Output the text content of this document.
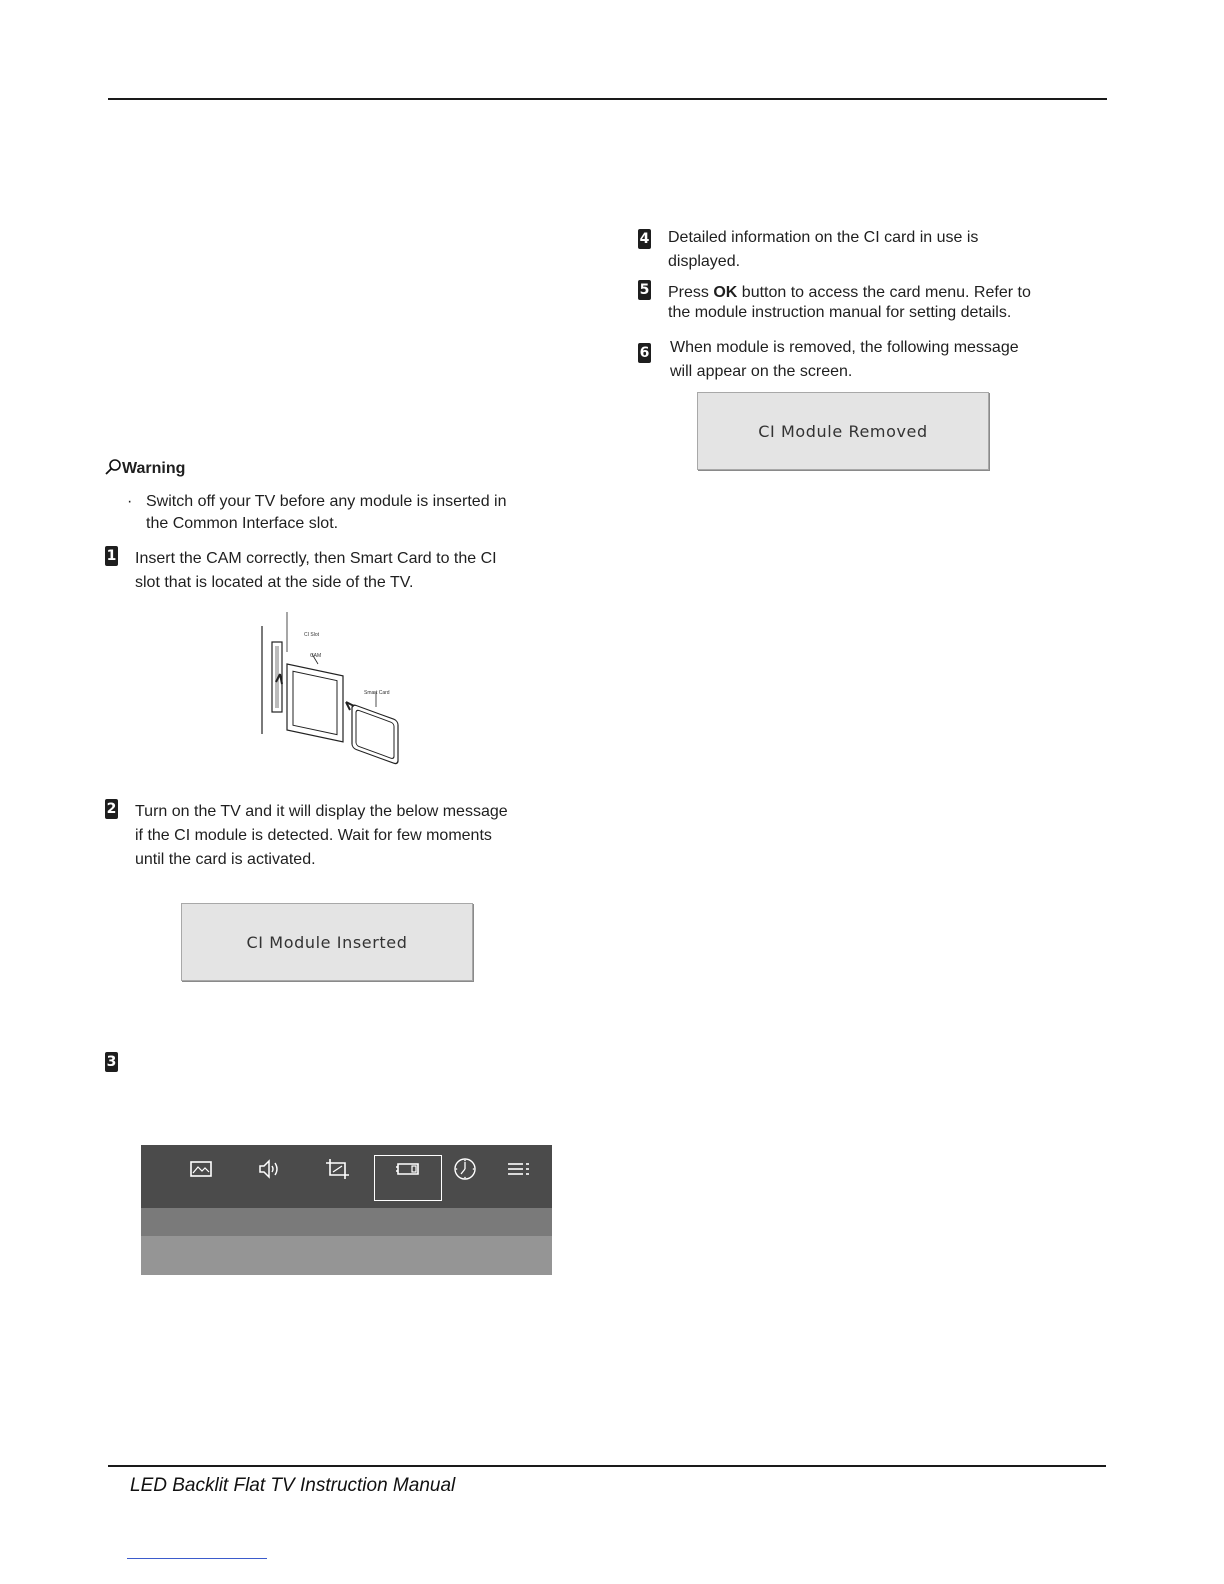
Warning
· Switch off your TV before any module is inserted in
the Common Interface slot.
1 Insert the CAM correctly, then Smart Card to the CI
slot that is located at the side of the TV.
CI Slot
CAM
Smart Card
2 Turn on the TV and it will display the below message
if the CI module is detected. Wait for few moments
until the card is activated.
CI Module Inserted
3
4 Detailed information on the CI card in use is
displayed.
5 Press OK button to access the card menu. Refer to
the module instruction manual for setting details.
6 When module is removed, the following message
will appear on the screen.
CI Module Removed
LED Backlit Flat TV Instruction Manual
